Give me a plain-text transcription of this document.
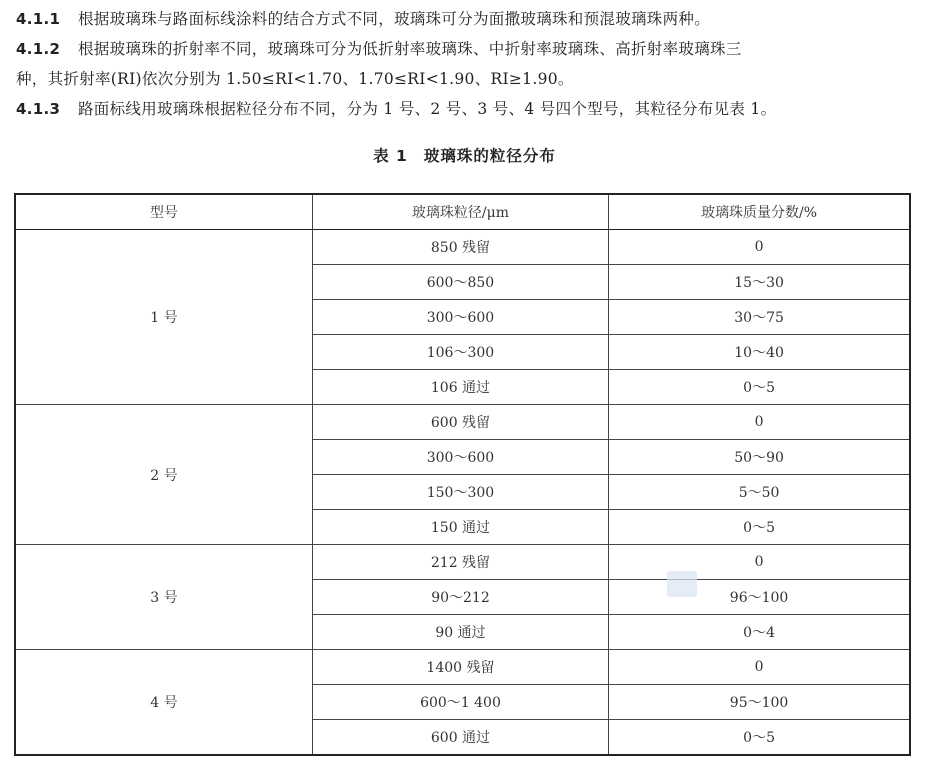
4.1.1	根据玻璃珠与路面标线涂料的结合方式不同，玻璃珠可分为面撒玻璃珠和预混玻璃珠两种。
4.1.2	根据玻璃珠的折射率不同，玻璃珠可分为低折射率玻璃珠、中折射率玻璃珠、高折射率玻璃珠三
种，其折射率(RI)依次分别为 1.50≤RI<1.70、1.70≤RI<1.90、RI≥1.90。
4.1.3	路面标线用玻璃珠根据粒径分布不同，分为 1 号、2 号、3 号、4 号四个型号，其粒径分布见表 1。
表 1 玻璃珠的粒径分布
型号	玻璃珠粒径/μm	玻璃珠质量分数/%
1 号	850 残留	0
	600～850	15～30
	300～600	30～75
	106～300	10～40
	106 通过	0～5
2 号	600 残留	0
	300～600	50～90
	150～300	5～50
	150 通过	0～5
3 号	212 残留	0
	90～212	96～100
	90 通过	0～4
4 号	1400 残留	0
	600～1 400	95～100
	600 通过	0～5
